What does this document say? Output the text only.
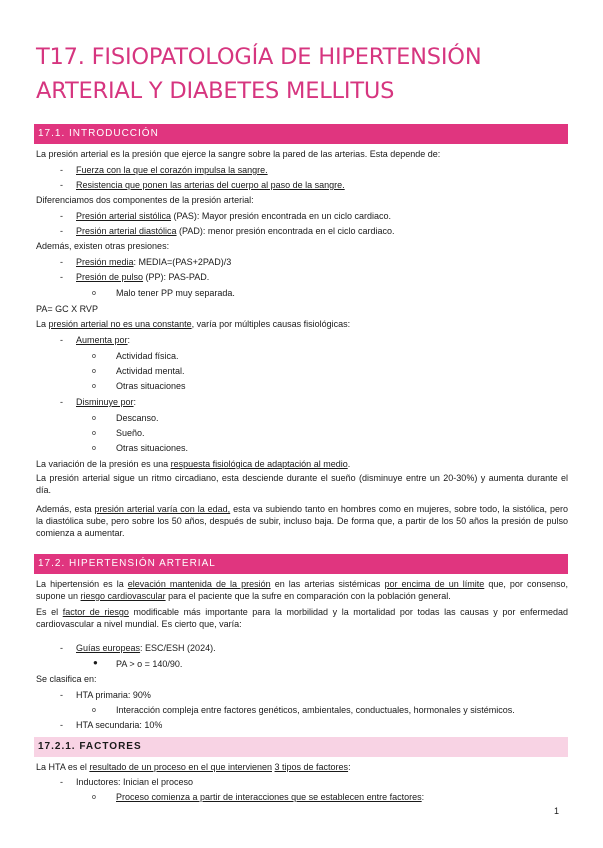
T17. FISIOPATOLOGÍA DE HIPERTENSIÓN ARTERIAL Y DIABETES MELLITUS
17.1. INTRODUCCIÓN
La presión arterial es la presión que ejerce la sangre sobre la pared de las arterias. Esta depende de:
- Fuerza con la que el corazón impulsa la sangre.
- Resistencia que ponen las arterias del cuerpo al paso de la sangre.
Diferenciamos dos componentes de la presión arterial:
- Presión arterial sistólica (PAS): Mayor presión encontrada en un ciclo cardiaco.
- Presión arterial diastólica (PAD): menor presión encontrada en el ciclo cardiaco.
Además, existen otras presiones:
- Presión media: MEDIA=(PAS+2PAD)/3
- Presión de pulso (PP): PAS-PAD.
o Malo tener PP muy separada.
PA= GC X RVP
La presión arterial no es una constante, varía por múltiples causas fisiológicas:
- Aumenta por:
o Actividad física.
o Actividad mental.
o Otras situaciones
- Disminuye por:
o Descanso.
o Sueño.
o Otras situaciones.
La variación de la presión es una respuesta fisiológica de adaptación al medio.
La presión arterial sigue un ritmo circadiano, esta desciende durante el sueño (disminuye entre un 20-30%) y aumenta durante el día.
Además, esta presión arterial varía con la edad, esta va subiendo tanto en hombres como en mujeres, sobre todo, la sistólica, pero la diastólica sube, pero sobre los 50 años, después de subir, incluso baja. De forma que, a partir de los 50 años la presión de pulso comienza a aumentar.
17.2. HIPERTENSIÓN ARTERIAL
La hipertensión es la elevación mantenida de la presión en las arterias sistémicas por encima de un límite que, por consenso, supone un riesgo cardiovascular para el paciente que la sufre en comparación con la población general.
Es el factor de riesgo modificable más importante para la morbilidad y la mortalidad por todas las causas y por enfermedad cardiovascular a nivel mundial. Es cierto que, varía:
- Guías europeas: ESC/ESH (2024).
● PA > o = 140/90.
Se clasifica en:
- HTA primaria: 90%
o Interacción compleja entre factores genéticos, ambientales, conductuales, hormonales y sistémicos.
- HTA secundaria: 10%
17.2.1. FACTORES
La HTA es el resultado de un proceso en el que intervienen 3 tipos de factores:
- Inductores: Inician el proceso
o Proceso comienza a partir de interacciones que se establecen entre factores:
1
